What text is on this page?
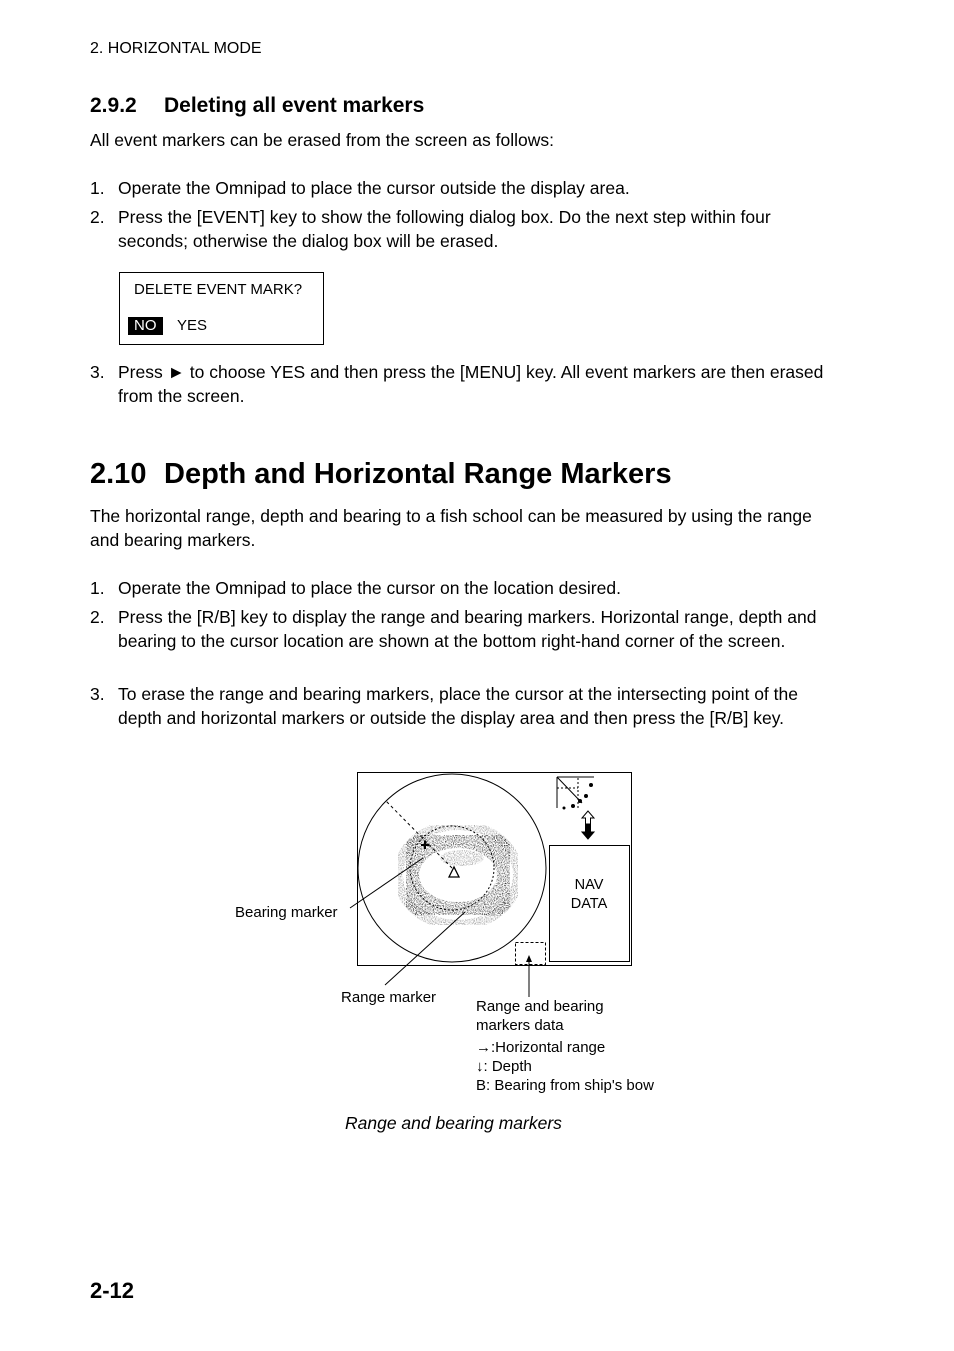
2. HORIZONTAL MODE
2.9.2 Deleting all event markers
All event markers can be erased from the screen as follows:
1. Operate the Omnipad to place the cursor outside the display area.
2. Press the [EVENT] key to show the following dialog box. Do the next step within four seconds; otherwise the dialog box will be erased.
DELETE EVENT MARK?
NO	YES
3. Press ► to choose YES and then press the [MENU] key. All event markers are then erased from the screen.
2.10 Depth and Horizontal Range Markers
The horizontal range, depth and bearing to a fish school can be measured by using the range and bearing markers.
1. Operate the Omnipad to place the cursor on the location desired.
2. Press the [R/B] key to display the range and bearing markers. Horizontal range, depth and bearing to the cursor location are shown at the bottom right-hand corner of the screen.
3. To erase the range and bearing markers, place the cursor at the intersecting point of the depth and horizontal markers or outside the display area and then press the [R/B] key.
NAV
DATA
Bearing marker
Range marker
Range and bearing
markers data
→:Horizontal range
↓: Depth
B: Bearing from ship's bow
Range and bearing markers
2-12
